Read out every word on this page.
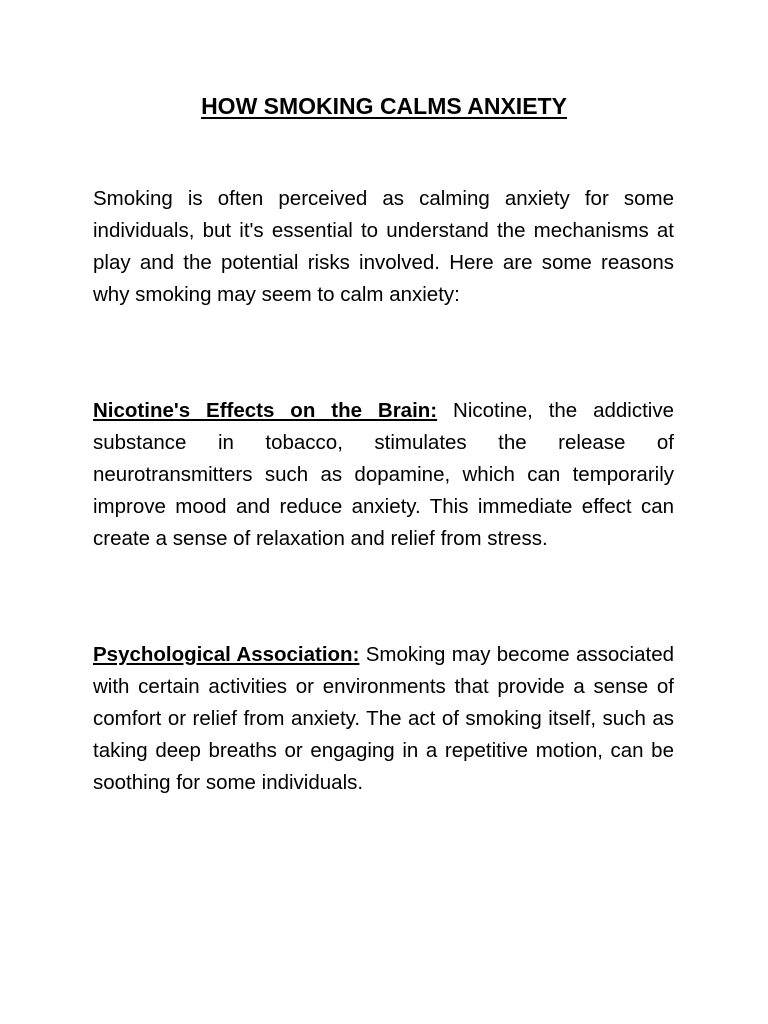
HOW SMOKING CALMS ANXIETY

Smoking is often perceived as calming anxiety for some individuals, but it's essential to understand the mechanisms at play and the potential risks involved. Here are some reasons why smoking may seem to calm anxiety:

Nicotine's Effects on the Brain: Nicotine, the addictive substance in tobacco, stimulates the release of neurotransmitters such as dopamine, which can temporarily improve mood and reduce anxiety. This immediate effect can create a sense of relaxation and relief from stress.

Psychological Association: Smoking may become associated with certain activities or environments that provide a sense of comfort or relief from anxiety. The act of smoking itself, such as taking deep breaths or engaging in a repetitive motion, can be soothing for some individuals.
